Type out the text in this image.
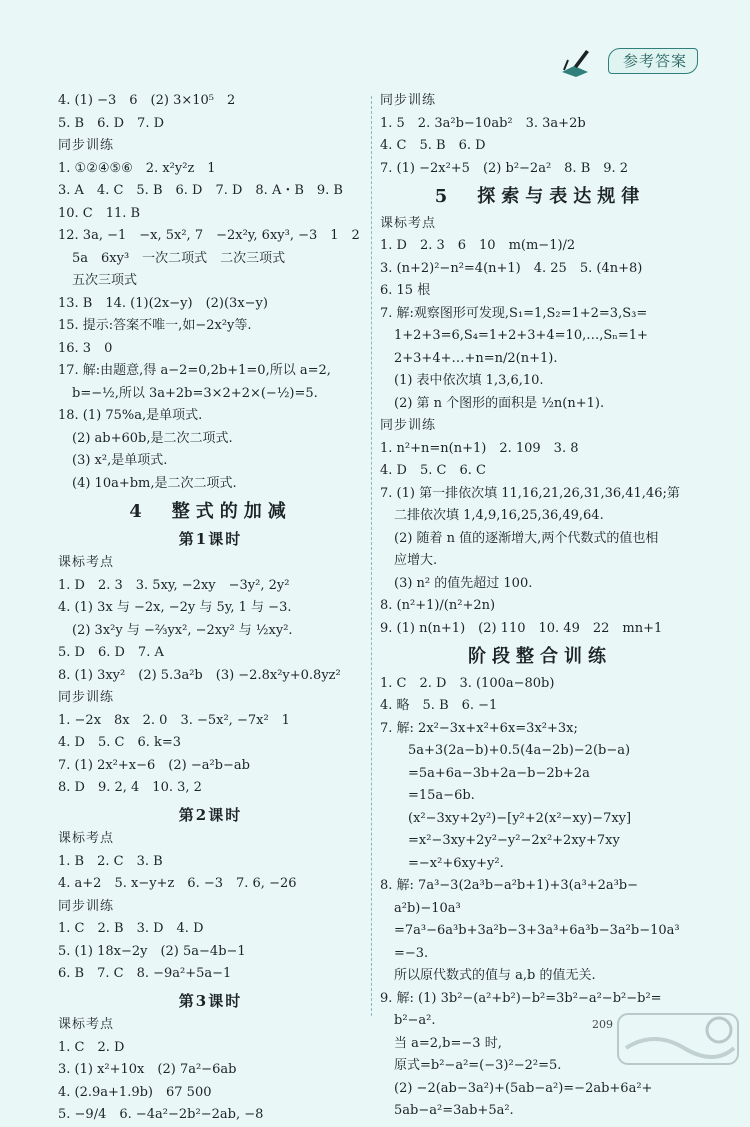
参考答案
4. (1) −3　6　(2) 3×10⁵　2
5. B　6. D　7. D
同步训练
1. ①②④⑤⑥　2. x²y²z　1
3. A　4. C　5. B　6. D　7. D　8. A・B　9. B
10. C　11. B
12. 3a, −1　−x, 5x², 7　−2x²y, 6xy³, −3　1　2
5a　6xy³　一次二项式　二次三项式
五次三项式
13. B　14. (1)(2x−y)　(2)(3x−y)
15. 提示:答案不唯一,如−2x²y等.
16. 3　0
17. 解:由题意,得 a−2=0,2b+1=0,所以 a=2,
b=−½,所以 3a+2b=3×2+2×(−½)=5.
18. (1) 75%a,是单项式.
(2) ab+60b,是二次二项式.
(3) x²,是单项式.
(4) 10a+bm,是二次二项式.
4　整式的加减
第1课时
课标考点
1. D　2. 3　3. 5xy, −2xy　−3y², 2y²
4. (1) 3x 与 −2x, −2y 与 5y, 1 与 −3.
(2) 3x²y 与 −⅔yx², −2xy² 与 ½xy².
5. D　6. D　7. A
8. (1) 3xy²　(2) 5.3a²b　(3) −2.8x²y+0.8yz²
同步训练
1. −2x　8x　2. 0　3. −5x², −7x²　1
4. D　5. C　6. k=3
7. (1) 2x²+x−6　(2) −a²b−ab
8. D　9. 2, 4　10. 3, 2
第2课时
课标考点
1. B　2. C　3. B
4. a+2　5. x−y+z　6. −3　7. 6, −26
同步训练
1. C　2. B　3. D　4. D
5. (1) 18x−2y　(2) 5a−4b−1
6. B　7. C　8. −9a²+5a−1
第3课时
课标考点
1. C　2. D
3. (1) x²+10x　(2) 7a²−6ab
4. (2.9a+1.9b)　67 500
5. −9/4　6. −4a²−2b²−2ab, −8
同步训练
1. 5　2. 3a²b−10ab²　3. 3a+2b
4. C　5. B　6. D
7. (1) −2x²+5　(2) b²−2a²　8. B　9. 2
5　探索与表达规律
课标考点
1. D　2. 3　6　10　m(m−1)/2
3. (n+2)²−n²=4(n+1)　4. 25　5. (4n+8)
6. 15 根
7. 解:观察图形可发现,S₁=1,S₂=1+2=3,S₃=
1+2+3=6,S₄=1+2+3+4=10,…,Sₙ=1+
2+3+4+…+n=n/2(n+1).
(1) 表中依次填 1,3,6,10.
(2) 第 n 个图形的面积是 ½n(n+1).
同步训练
1. n²+n=n(n+1)　2. 109　3. 8
4. D　5. C　6. C
7. (1) 第一排依次填 11,16,21,26,31,36,41,46;第
二排依次填 1,4,9,16,25,36,49,64.
(2) 随着 n 值的逐渐增大,两个代数式的值也相
应增大.
(3) n² 的值先超过 100.
8. (n²+1)/(n²+2n)
9. (1) n(n+1)　(2) 110　10. 49　22　mn+1
阶段整合训练
1. C　2. D　3. (100a−80b)
4. 略　5. B　6. −1
7. 解: 2x²−3x+x²+6x=3x²+3x;
5a+3(2a−b)+0.5(4a−2b)−2(b−a)
=5a+6a−3b+2a−b−2b+2a
=15a−6b.
(x²−3xy+2y²)−[y²+2(x²−xy)−7xy]
=x²−3xy+2y²−y²−2x²+2xy+7xy
=−x²+6xy+y².
8. 解: 7a³−3(2a³b−a²b+1)+3(a³+2a³b−
a²b)−10a³
=7a³−6a³b+3a²b−3+3a³+6a³b−3a²b−10a³
=−3.
所以原代数式的值与 a,b 的值无关.
9. 解: (1) 3b²−(a²+b²)−b²=3b²−a²−b²−b²=
b²−a².
当 a=2,b=−3 时,
原式=b²−a²=(−3)²−2²=5.
(2) −2(ab−3a²)+(5ab−a²)=−2ab+6a²+
5ab−a²=3ab+5a².
209
